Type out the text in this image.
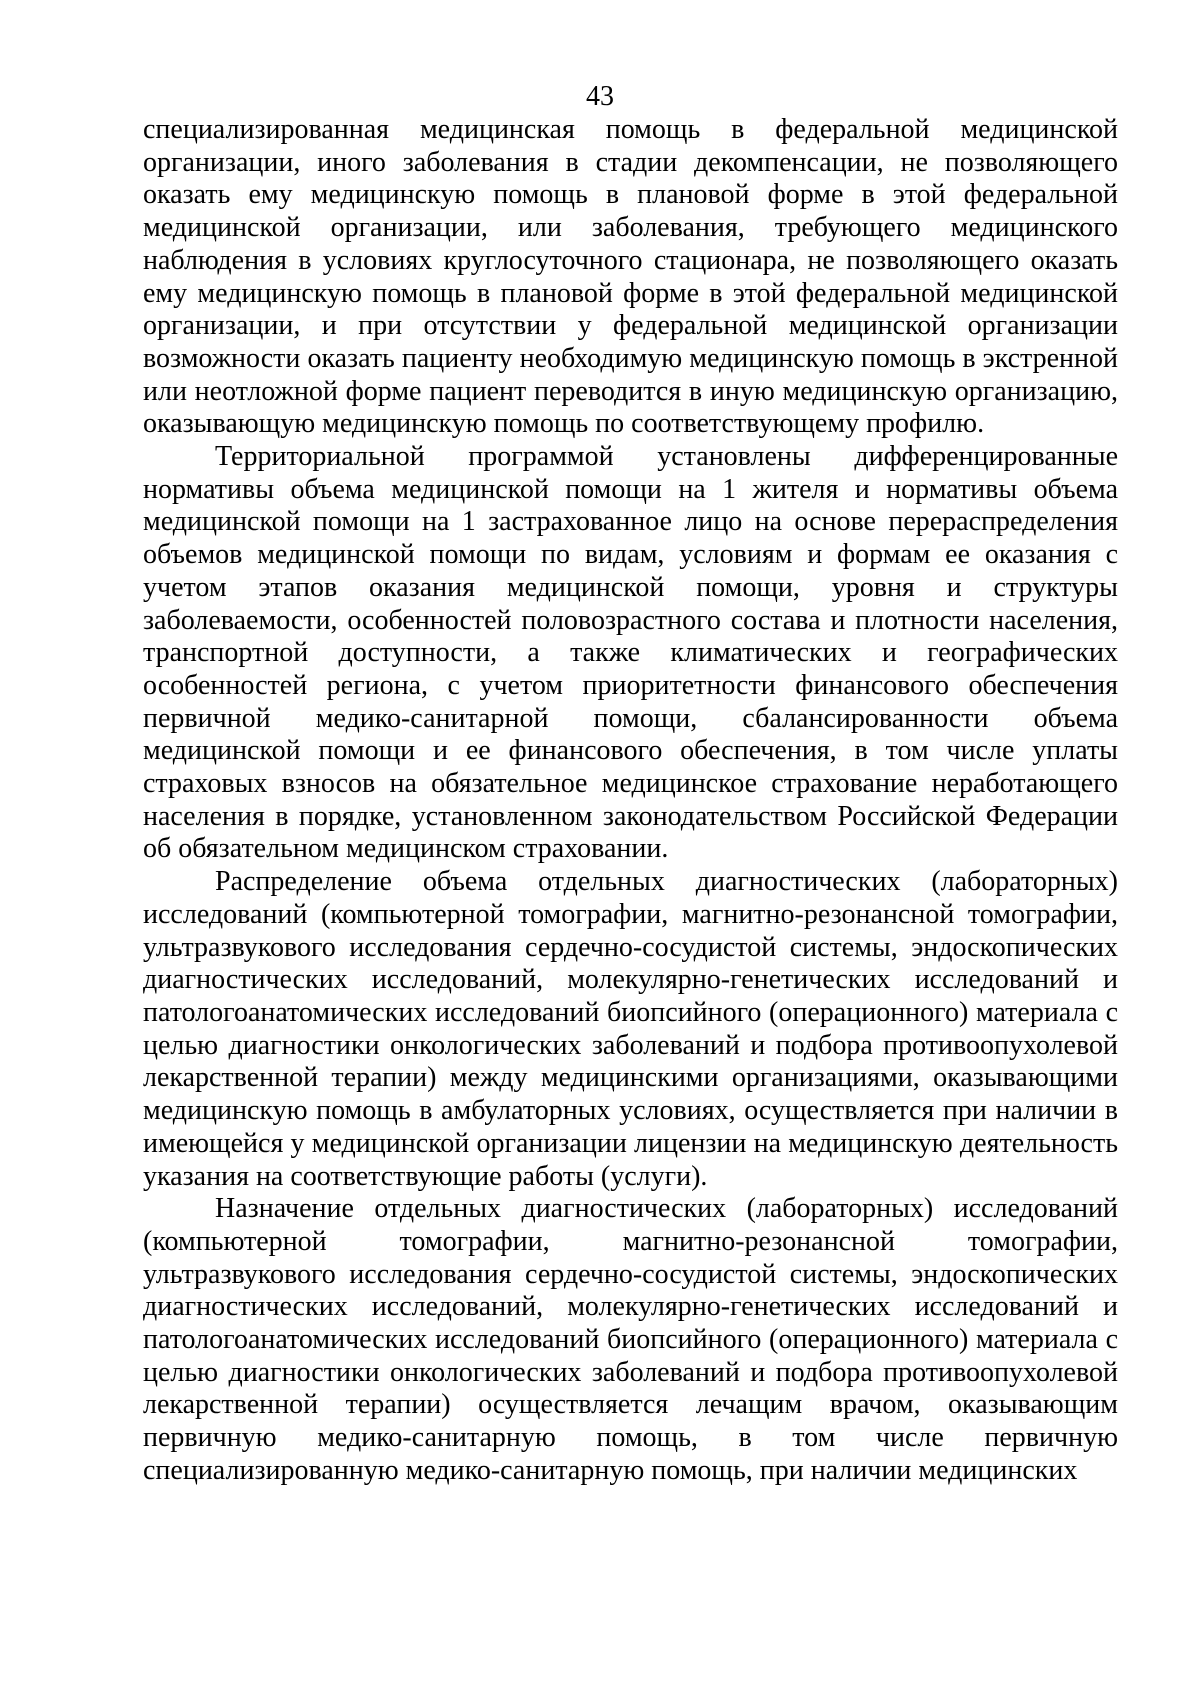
43

специализированная медицинская помощь в федеральной медицинской организации, иного заболевания в стадии декомпенсации, не позволяющего оказать ему медицинскую помощь в плановой форме в этой федеральной медицинской организации, или заболевания, требующего медицинского наблюдения в условиях круглосуточного стационара, не позволяющего оказать ему медицинскую помощь в плановой форме в этой федеральной медицинской организации, и при отсутствии у федеральной медицинской организации возможности оказать пациенту необходимую медицинскую помощь в экстренной или неотложной форме пациент переводится в иную медицинскую организацию, оказывающую медицинскую помощь по соответствующему профилю.

Территориальной программой установлены дифференцированные нормативы объема медицинской помощи на 1 жителя и нормативы объема медицинской помощи на 1 застрахованное лицо на основе перераспределения объемов медицинской помощи по видам, условиям и формам ее оказания с учетом этапов оказания медицинской помощи, уровня и структуры заболеваемости, особенностей половозрастного состава и плотности населения, транспортной доступности, а также климатических и географических особенностей региона, с учетом приоритетности финансового обеспечения первичной медико-санитарной помощи, сбалансированности объема медицинской помощи и ее финансового обеспечения, в том числе уплаты страховых взносов на обязательное медицинское страхование неработающего населения в порядке, установленном законодательством Российской Федерации об обязательном медицинском страховании.

Распределение объема отдельных диагностических (лабораторных) исследований (компьютерной томографии, магнитно-резонансной томографии, ультразвукового исследования сердечно-сосудистой системы, эндоскопических диагностических исследований, молекулярно-генетических исследований и патологоанатомических исследований биопсийного (операционного) материала с целью диагностики онкологических заболеваний и подбора противоопухолевой лекарственной терапии) между медицинскими организациями, оказывающими медицинскую помощь в амбулаторных условиях, осуществляется при наличии в имеющейся у медицинской организации лицензии на медицинскую деятельность указания на соответствующие работы (услуги).

Назначение отдельных диагностических (лабораторных) исследований (компьютерной томографии, магнитно-резонансной томографии, ультразвукового исследования сердечно-сосудистой системы, эндоскопических диагностических исследований, молекулярно-генетических исследований и патологоанатомических исследований биопсийного (операционного) материала с целью диагностики онкологических заболеваний и подбора противоопухолевой лекарственной терапии) осуществляется лечащим врачом, оказывающим первичную медико-санитарную помощь, в том числе первичную специализированную медико-санитарную помощь, при наличии медицинских
